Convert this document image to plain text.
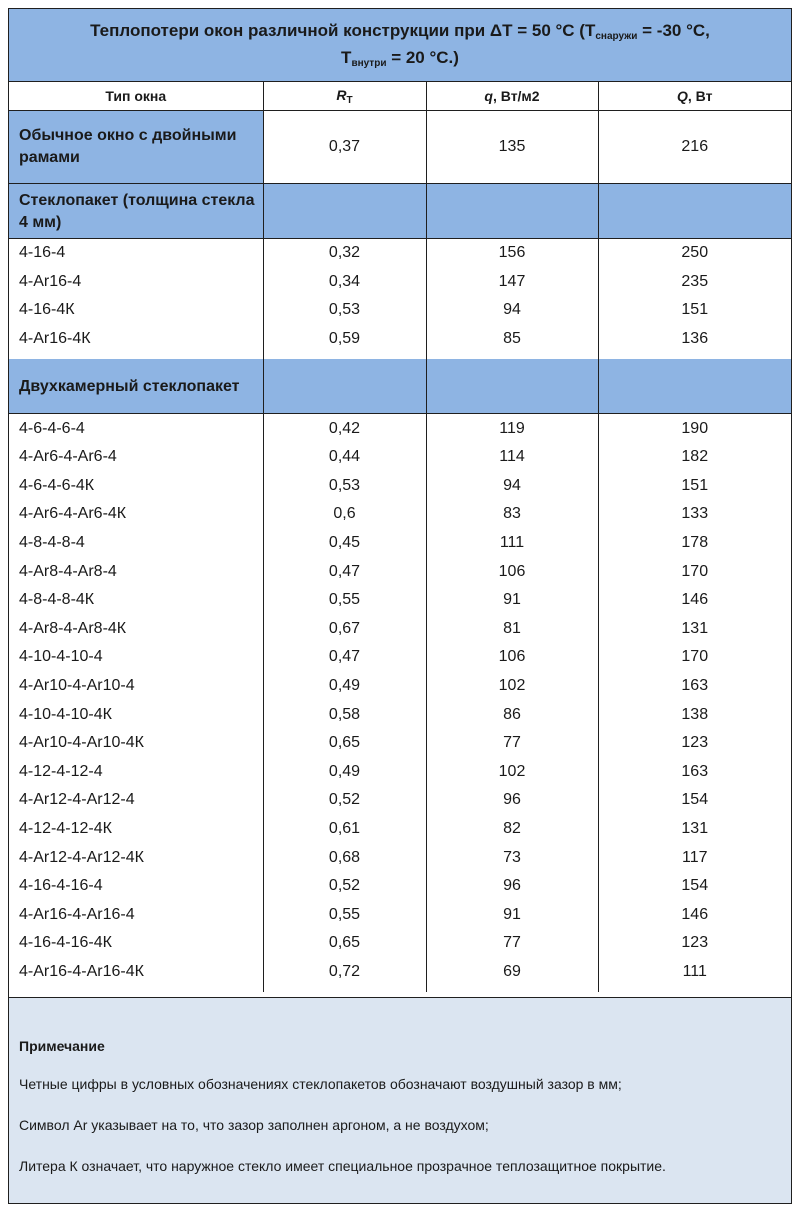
Теплопотери окон различной конструкции при ΔТ = 50 °С ($Т_{снаружи} = -30$ °С,
$Т_{внутри} = 20$ °С.)
Тип окна	$R_Т$	q, Вт/м2	Q, Вт
Обычное окно с двойными рамами	0,37	135	216
Стеклопакет (толщина стекла 4 мм)			
4-16-4	0,32	156	250
4-Ar16-4	0,34	147	235
4-16-4К	0,53	94	151
4-Ar16-4К	0,59	85	136

Двухкамерный стеклопакет			
4-6-4-6-4	0,42	119	190
4-Ar6-4-Ar6-4	0,44	114	182
4-6-4-6-4К	0,53	94	151
4-Ar6-4-Ar6-4К	0,6	83	133
4-8-4-8-4	0,45	111	178
4-Ar8-4-Ar8-4	0,47	106	170
4-8-4-8-4К	0,55	91	146
4-Ar8-4-Ar8-4К	0,67	81	131
4-10-4-10-4	0,47	106	170
4-Ar10-4-Ar10-4	0,49	102	163
4-10-4-10-4К	0,58	86	138
4-Ar10-4-Ar10-4К	0,65	77	123
4-12-4-12-4	0,49	102	163
4-Ar12-4-Ar12-4	0,52	96	154
4-12-4-12-4К	0,61	82	131
4-Ar12-4-Ar12-4К	0,68	73	117
4-16-4-16-4	0,52	96	154
4-Ar16-4-Ar16-4	0,55	91	146
4-16-4-16-4К	0,65	77	123
4-Ar16-4-Ar16-4К	0,72	69	111

Примечание

Четные цифры в условных обозначениях стеклопакетов обозначают воздушный зазор в мм;

Символ Ar указывает на то, что зазор заполнен аргоном, а не воздухом;

Литера К означает, что наружное стекло имеет специальное прозрачное теплозащитное покрытие.
